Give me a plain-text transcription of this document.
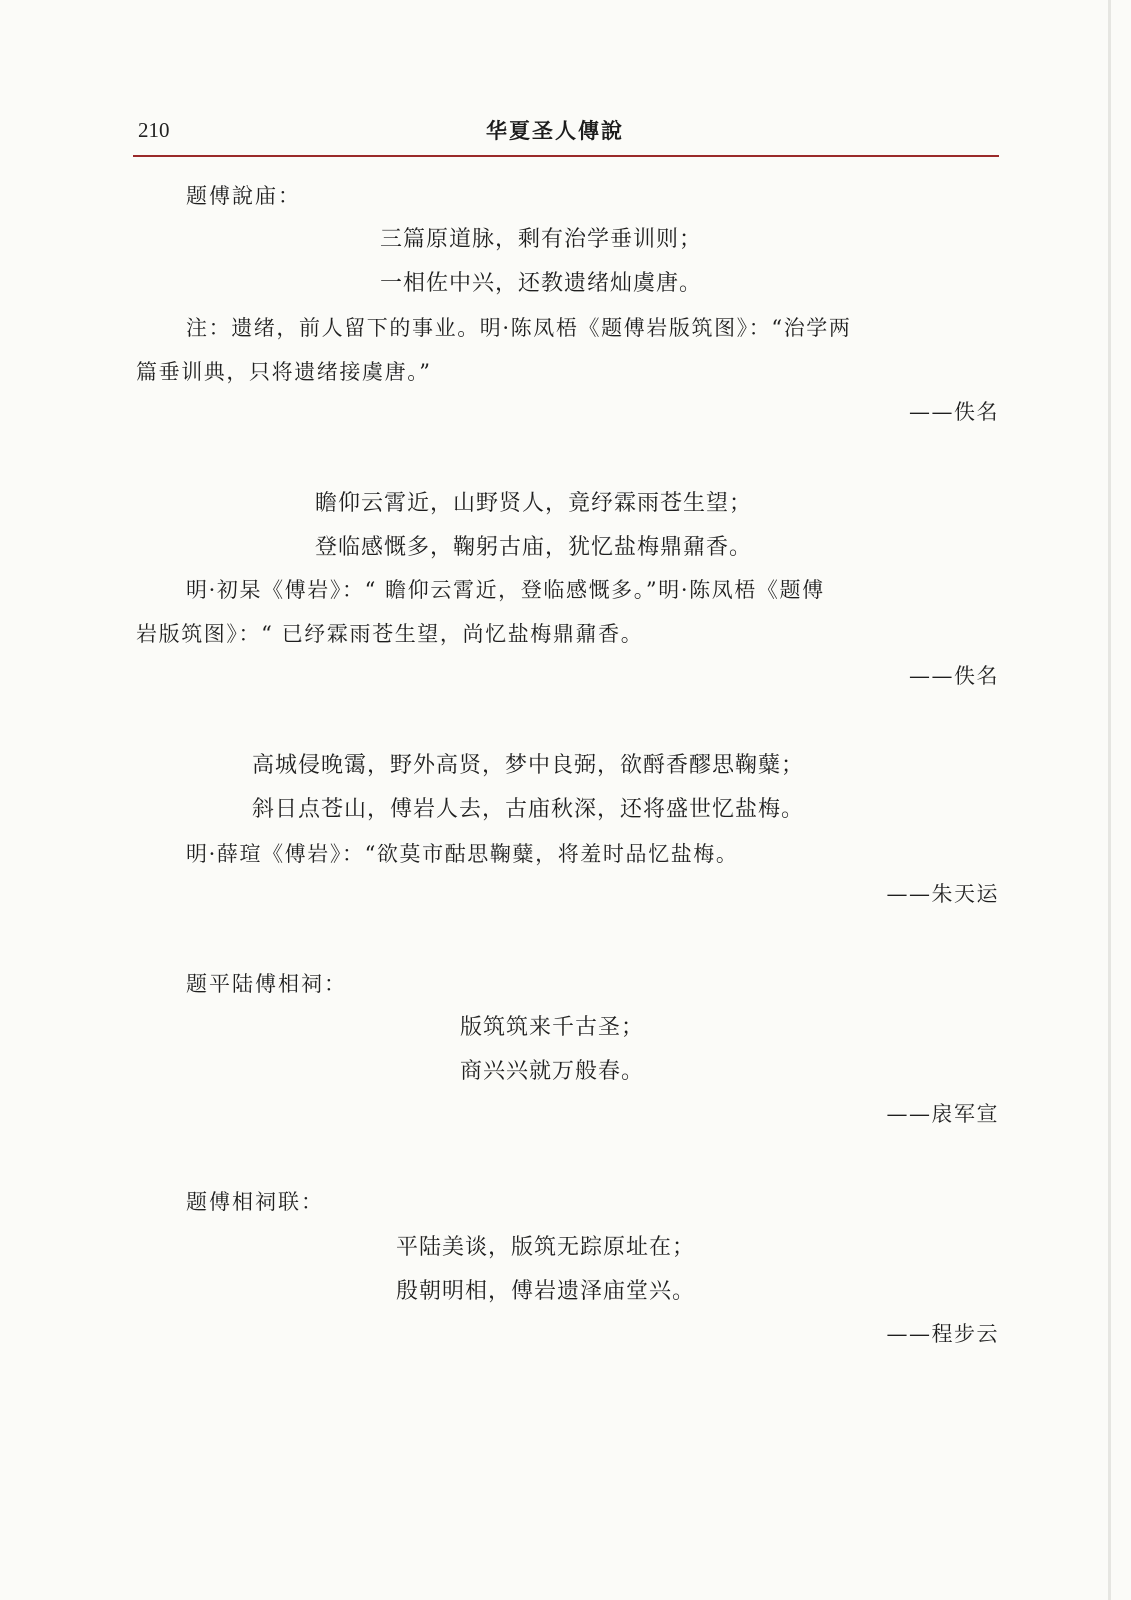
210	华夏圣人傳說
题傅說庙：
三篇原道脉，剩有治学垂训则；
一相佐中兴，还教遗绪灿虞唐。
注：遗绪，前人留下的事业。明·陈凤梧《题傅岩版筑图》：“治学两
篇垂训典，只将遗绪接虞唐。”
——佚名
瞻仰云霄近，山野贤人，竟纾霖雨苍生望；
登临感慨多，鞠躬古庙，犹忆盐梅鼎鼐香。
明·初杲《傅岩》：“ 瞻仰云霄近，登临感慨多。”明·陈凤梧《题傅
岩版筑图》：“ 已纾霖雨苍生望，尚忆盐梅鼎鼐香。
——佚名
高城侵晚霭，野外高贤，梦中良弼，欲酹香醪思鞠糵；
斜日点苍山，傅岩人去，古庙秋深，还将盛世忆盐梅。
明·薛瑄《傅岩》：“欲莫市酤思鞠糵，将羞时品忆盐梅。
——朱天运
题平陆傅相祠：
版筑筑来千古圣；
商兴兴就万般春。
——扆军宣
题傅相祠联：
平陆美谈，版筑无踪原址在；
殷朝明相，傅岩遗泽庙堂兴。
——程步云
